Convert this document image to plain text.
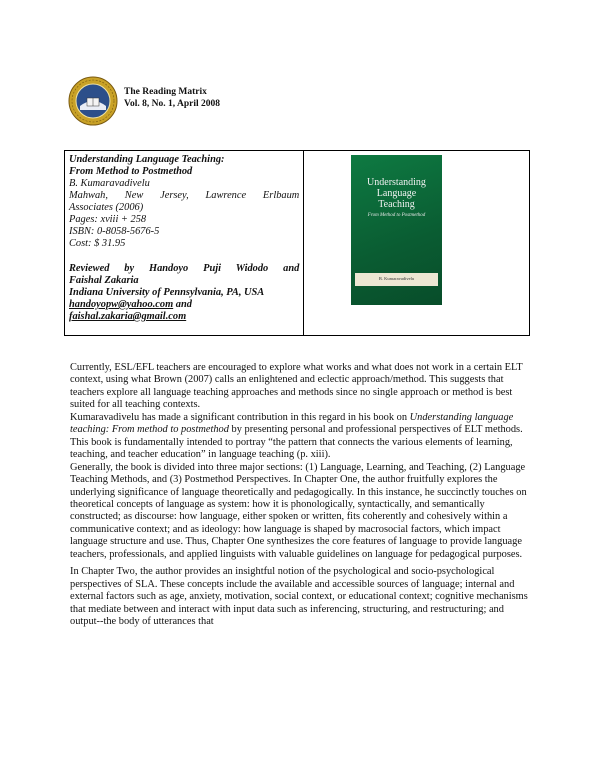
The Reading Matrix
Vol. 8, No. 1, April 2008

Understanding Language Teaching:

From Method to Postmethod

B. Kumaravadivelu

Mahwah, New Jersey, Lawrence Erlbaum

Associates (2006)

Pages: xviii + 258

ISBN: 0-8058-5676-5

Cost: $ 31.95

Reviewed by Handoyo Puji Widodo and

Faishal Zakaria

Indiana University of Pennsylvania, PA, USA

handoyopw@yahoo.com and

faishal.zakaria@gmail.com

Understanding
Language
Teaching
From Method to Postmethod
B. Kumaravadivelu

Currently, ESL/EFL teachers are encouraged to explore what works and what does not work in a certain ELT context, using what Brown (2007) calls an enlightened and eclectic approach/method. This suggests that teachers explore all language teaching approaches and methods since no single approach or method is best suited for all teaching contexts.

Kumaravadivelu has made a significant contribution in this regard in his book on Understanding language teaching: From method to postmethod by presenting personal and professional perspectives of ELT methods. This book is fundamentally intended to portray “the pattern that connects the various elements of learning, teaching, and teacher education” in language teaching (p. xiii).

Generally, the book is divided into three major sections: (1) Language, Learning, and Teaching, (2) Language Teaching Methods, and (3) Postmethod Perspectives. In Chapter One, the author fruitfully explores the underlying significance of language theoretically and pedagogically. In this instance, he succinctly touches on theoretical concepts of language as system: how it is phonologically, syntactically, and semantically constructed; as discourse: how language, either spoken or written, fits coherently and cohesively within a communicative context; and as ideology: how language is shaped by macrosocial factors, which impact language structure and use. Thus, Chapter One synthesizes the core features of language to provide language teachers, professionals, and applied linguists with valuable guidelines on language for pedagogical purposes.

In Chapter Two, the author provides an insightful notion of the psychological and socio-psychological perspectives of SLA. These concepts include the available and accessible sources of language; internal and external factors such as age, anxiety, motivation, social context, or educational context; cognitive mechanisms that mediate between and interact with input data such as inferencing, structuring, and restructuring; and output--the body of utterances that
